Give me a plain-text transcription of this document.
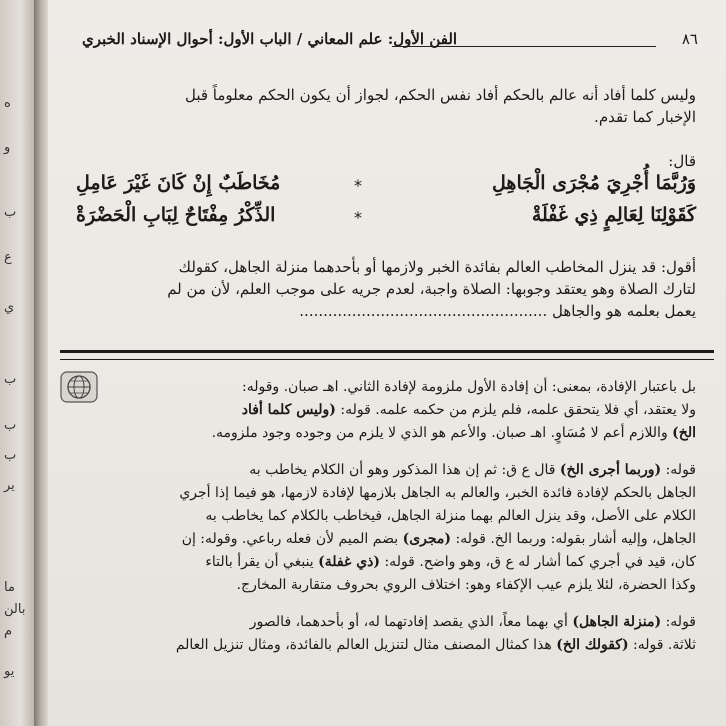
ه
و
ب
ع
ي
ب
ب
ب
ير
ما
بالن
م
يو
٨٦
الفن الأول: علم المعاني / الباب الأول: أحوال الإسناد الخبري
وليس كلما أفاد أنه عالم بالحكم أفاد نفس الحكم، لجواز أن يكون الحكم معلوماً قبل
الإخبار كما تقدم.
قال:
وَرُبَّمَا أُجْرِيَ مُجْرَى الْجَاهِلِ
*
مُخَاطَبٌ إِنْ كَانَ غَيْرَ عَامِلِ
كَقَوْلِنَا لِعَالِمٍ ذِي غَفْلَةْ
*
الذِّكْرُ مِفْتَاحٌ لِبَابِ الْحَضْرَةْ
أقول: قد ينزل المخاطب العالم بفائدة الخبر ولازمها أو بأحدهما منزلة الجاهل، كقولك
لتارك الصلاة وهو يعتقد وجوبها: الصلاة واجبة، لعدم جريه على موجب العلم، لأن من لم
يعمل بعلمه هو والجاهل ....................................................
بل باعتبار الإفادة، بمعنى: أن إفادة الأول ملزومة لإفادة الثاني. اهـ صبان. وقوله:
ولا يعتقد، أي فلا يتحقق علمه، فلم يلزم من حكمه علمه. قوله: (وليس كلما أفاد
الخ) واللازم أعم لا مُسَاوٍ. اهـ صبان. والأعم هو الذي لا يلزم من وجوده وجود ملزومه.
قوله: (وربما أجرى الخ) قال ع ق: ثم إن هذا المذكور وهو أن الكلام يخاطب به
الجاهل بالحكم لإفادة فائدة الخبر، والعالم به الجاهل بلازمها لإفادة لازمها، هو فيما إذا أجري
الكلام على الأصل، وقد ينزل العالم بهما منزلة الجاهل، فيخاطب بالكلام كما يخاطب به
الجاهل، وإليه أشار بقوله: وربما الخ. قوله: (مجرى) بضم الميم لأن فعله رباعي. وقوله: إن
كان، قيد في أجري كما أشار له ع ق، وهو واضح. قوله: (ذي غفلة) ينبغي أن يقرأ بالتاء
وكذا الحضرة، لئلا يلزم عيب الإكفاء وهو: اختلاف الروي بحروف متقاربة المخارج.
قوله: (منزلة الجاهل) أي بهما معاً، الذي يقصد إفادتهما له، أو بأحدهما، فالصور
ثلاثة. قوله: (كقولك الخ) هذا كمثال المصنف مثال لتنزيل العالم بالفائدة، ومثال تنزيل العالم
